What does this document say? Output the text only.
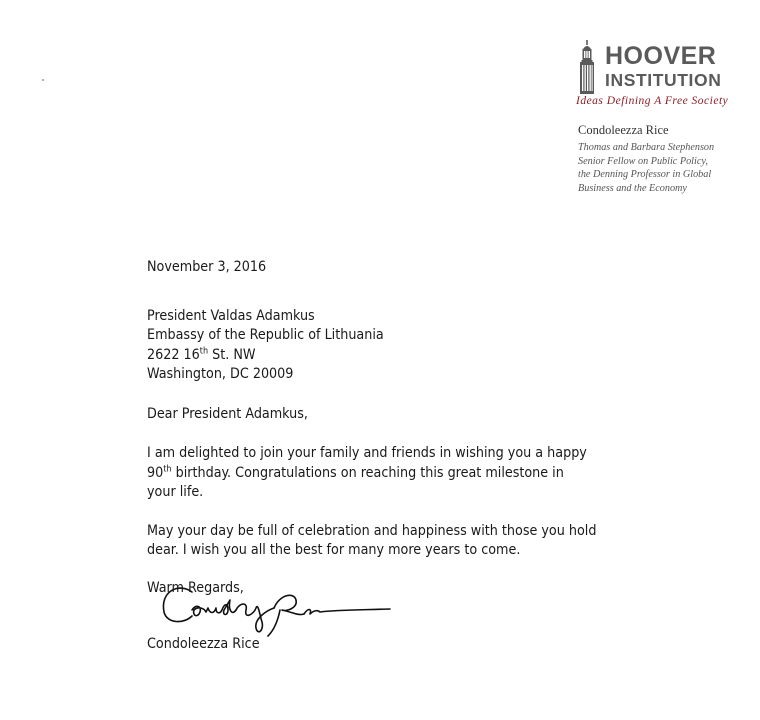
HOOVER
INSTITUTION
Ideas Defining A Free Society
Condoleezza Rice
Thomas and Barbara Stephenson
Senior Fellow on Public Policy,
the Denning Professor in Global
Business and the Economy

November 3, 2016

President Valdas Adamkus
Embassy of the Republic of Lithuania
2622 16th St. NW
Washington, DC 20009

Dear President Adamkus,

I am delighted to join your family and friends in wishing you a happy
90th birthday. Congratulations on reaching this great milestone in
your life.

May your day be full of celebration and happiness with those you hold
dear. I wish you all the best for many more years to come.

Warm Regards,

Condoleezza Rice
